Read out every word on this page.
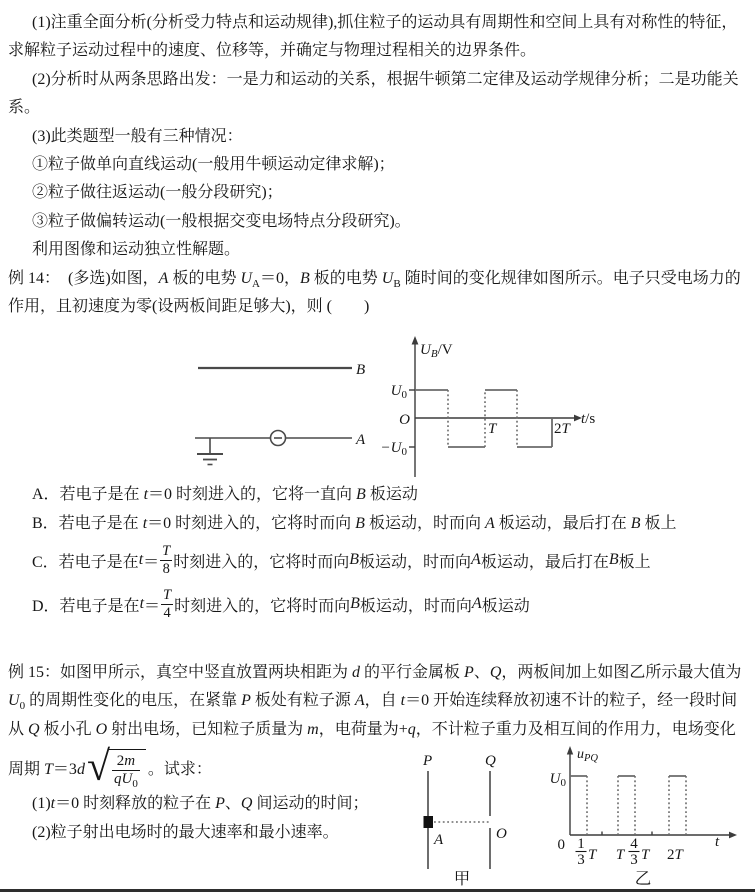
(1)注重全面分析(分析受力特点和运动规律),抓住粒子的运动具有周期性和空间上具有对称性的特征，
求解粒子运动过程中的速度、位移等，并确定与物理过程相关的边界条件。
(2)分析时从两条思路出发：一是力和运动的关系，根据牛顿第二定律及运动学规律分析；二是功能关
系。
(3)此类题型一般有三种情况：
①粒子做单向直线运动(一般用牛顿运动定律求解)；
②粒子做往返运动(一般分段研究)；
③粒子做偏转运动(一般根据交变电场特点分段研究)。
利用图像和运动独立性解题。
例 14：　(多选)如图，A 板的电势 $U_A=0$，B 板的电势 $U_B$ 随时间的变化规律如图所示。电子只受电场力的
作用，且初速度为零(设两板间距足够大)，则 (　　)
B
A
$U_B/V$
$U_0$
O
$-U_0$
T	2T
t/s
A．若电子是在 t＝0 时刻进入的，它将一直向 B 板运动
B．若电子是在 t＝0 时刻进入的，它将时而向 B 板运动，时而向 A 板运动，最后打在 B 板上
C．若电子是在 $t = \frac{T}{8}$ 时刻进入的，它将时而向 B 板运动，时而向 A 板运动，最后打在 B 板上
D．若电子是在 $t = \frac{T}{4}$ 时刻进入的，它将时而向 B 板运动，时而向 A 板运动
例 15：如图甲所示，真空中竖直放置两块相距为 d 的平行金属板 P、Q，两板间加上如图乙所示最大值为
$U_0$ 的周期性变化的电压，在紧靠 P 板处有粒子源 A，自 t＝0 开始连续释放初速不计的粒子，经一段时间
从 Q 板小孔 O 射出电场，已知粒子质量为 m，电荷量为+q，不计粒子重力及相互间的作用力，电场变化
周期 T＝3d √ $\frac{2m}{qU_0}$ 。试求：
(1)t＝0 时刻释放的粒子在 P、Q 间运动的时间；
(2)粒子射出电场时的最大速率和最小速率。
P	Q
A	O
甲
$u_{PQ}$
$U_0$
0 1
3 T T
4
3 T 2T
t
乙
